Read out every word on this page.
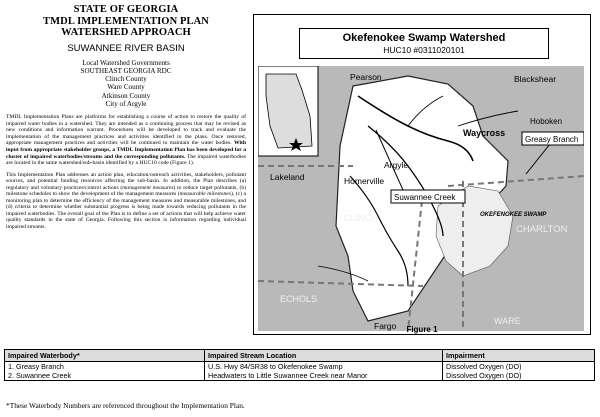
STATE OF GEORGIA
TMDL IMPLEMENTATION PLAN
WATERSHED APPROACH
SUWANNEE RIVER BASIN
Local Watershed Governments
SOUTHEAST GEORGIA RDC
Clinch County
Ware County
Atkinson County
City of Argyle

TMDL Implementation Plans are platforms for establishing a course of action to restore the quality of impaired water bodies in a watershed. They are intended as a continuing process that may be revised as new conditions and information warrant. Procedures will be developed to track and evaluate the implementation of the management practices and activities identified in the plans. Once restored, appropriate management practices and activities will be continued to maintain the water bodies. With input from appropriate stakeholder groups, a TMDL Implementation Plan has been developed for a cluster of impaired waterbodies/streams and the corresponding pollutants. The impaired waterbodies are located in the same watershed/sub-basin identified by a HUC10 code (Figure 1).

This Implementation Plan addresses an action plan, education/outreach activities, stakeholders, pollutant sources, and potential funding resources affecting the sub-basin. In addition, the Plan describes (a) regulatory and voluntary practices/control actions (management measures) to reduce target pollutants, (b) milestone schedules to show the development of the management measures (measurable milestones), (c) a monitoring plan to determine the efficiency of the management measures and measurable milestones, and (d) criteria to determine whether substantial progress is being made towards reducing pollutants in the impaired waterbodies. The overall goal of the Plan is to define a set of actions that will help achieve water quality standards in the state of Georgia. Following this section is information regarding individual impaired streams.

Pearson	Blackshear
Waycross
Hoboken
Lakeland	Homerville
Argyle
CLINCH
CHARLTON
ECHOLS
Fargo	WARE
OKEFENOKEE SWAMP
Greasy Branch
Suwannee Creek
Okefenokee Swamp Watershed
HUC10 #0311020101
Figure 1
Impaired Waterbody*	Impaired Stream Location	Impairment
1. Greasy Branch	U.S. Hwy 84/SR38 to Okefenokee Swamp	Dissolved Oxygen (DO)
2. Suwannee Creek	Headwaters to Little Suwannee Creek near Manor	Dissolved Oxygen (DO)
*These Waterbody Numbers are referenced throughout the Implementation Plan.
